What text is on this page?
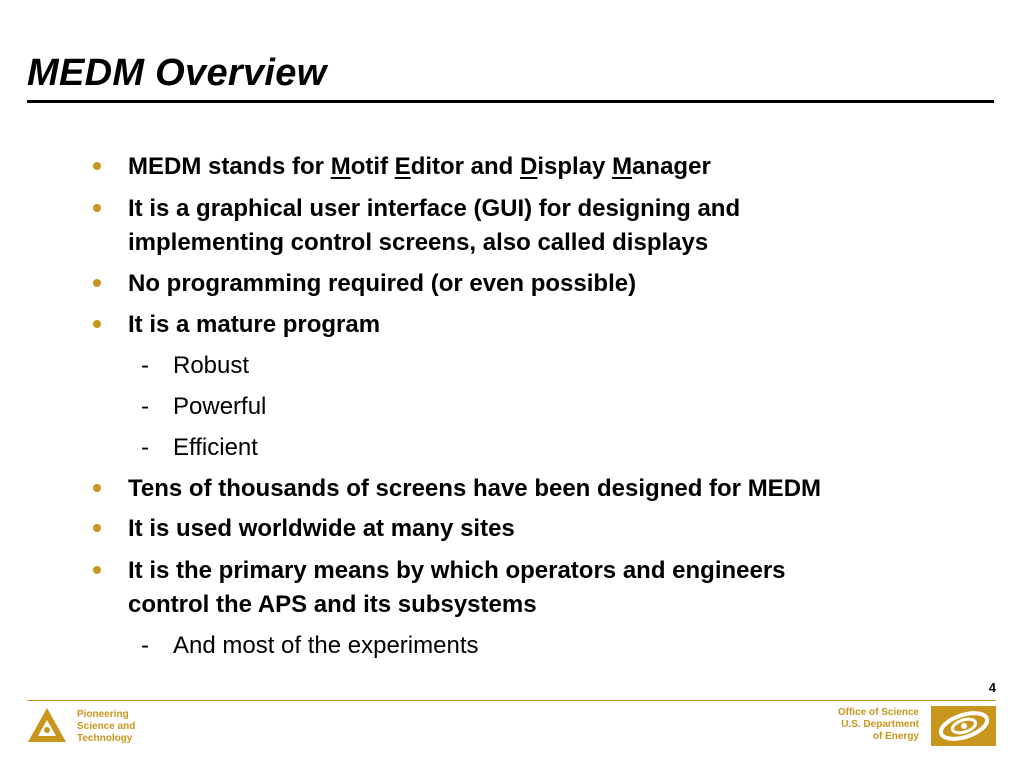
MEDM Overview
MEDM stands for Motif Editor and Display Manager
It is a graphical user interface (GUI) for designing and
implementing control screens, also called displays
No programming required (or even possible)
It is a mature program
- Robust
- Powerful
- Efficient
Tens of thousands of screens have been designed for MEDM
It is used worldwide at many sites
It is the primary means by which operators and engineers
control the APS and its subsystems
- And most of the experiments
4
Pioneering
Science and
Technology
Office of Science
U.S. Department
of Energy
